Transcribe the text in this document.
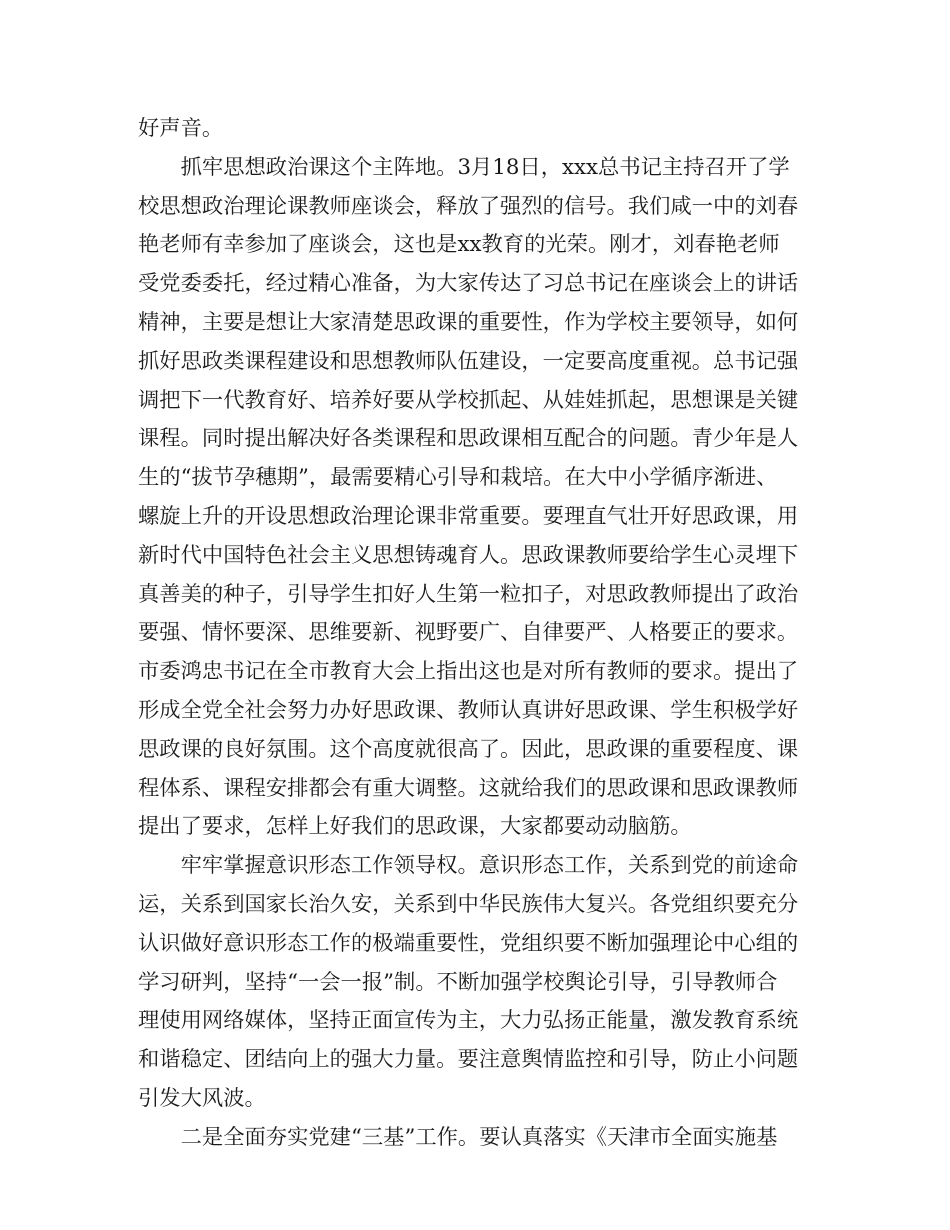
好声音。
　　抓牢思想政治课这个主阵地。3月18日，xxx总书记主持召开了学
校思想政治理论课教师座谈会，释放了强烈的信号。我们咸一中的刘春
艳老师有幸参加了座谈会，这也是xx教育的光荣。刚才，刘春艳老师
受党委委托，经过精心准备，为大家传达了习总书记在座谈会上的讲话
精神，主要是想让大家清楚思政课的重要性，作为学校主要领导，如何
抓好思政类课程建设和思想教师队伍建设，一定要高度重视。总书记强
调把下一代教育好、培养好要从学校抓起、从娃娃抓起，思想课是关键
课程。同时提出解决好各类课程和思政课相互配合的问题。青少年是人
生的“拔节孕穗期”，最需要精心引导和栽培。在大中小学循序渐进、
螺旋上升的开设思想政治理论课非常重要。要理直气壮开好思政课，用
新时代中国特色社会主义思想铸魂育人。思政课教师要给学生心灵埋下
真善美的种子，引导学生扣好人生第一粒扣子，对思政教师提出了政治
要强、情怀要深、思维要新、视野要广、自律要严、人格要正的要求。
市委鸿忠书记在全市教育大会上指出这也是对所有教师的要求。提出了
形成全党全社会努力办好思政课、教师认真讲好思政课、学生积极学好
思政课的良好氛围。这个高度就很高了。因此，思政课的重要程度、课
程体系、课程安排都会有重大调整。这就给我们的思政课和思政课教师
提出了要求，怎样上好我们的思政课，大家都要动动脑筋。
　　牢牢掌握意识形态工作领导权。意识形态工作，关系到党的前途命
运，关系到国家长治久安，关系到中华民族伟大复兴。各党组织要充分
认识做好意识形态工作的极端重要性，党组织要不断加强理论中心组的
学习研判，坚持“一会一报”制。不断加强学校舆论引导，引导教师合
理使用网络媒体，坚持正面宣传为主，大力弘扬正能量，激发教育系统
和谐稳定、团结向上的强大力量。要注意舆情监控和引导，防止小问题
引发大风波。
　　二是全面夯实党建“三基”工作。要认真落实《天津市全面实施基
